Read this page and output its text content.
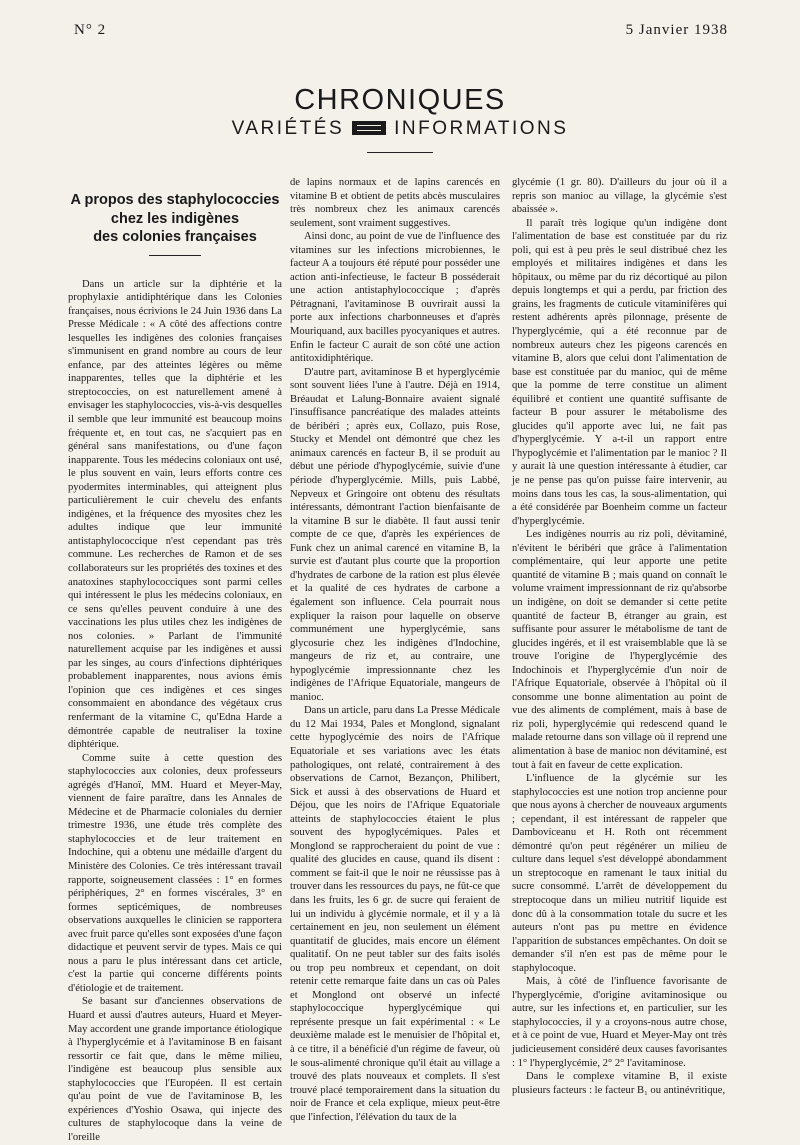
N° 2	5 Janvier 1938
CHRONIQUES
VARIÉTÉS	INFORMATIONS
A propos des staphylococcies
chez les indigènes
des colonies françaises

Dans un article sur la diphtérie et la prophylaxie antidiphtérique dans les Colonies françaises, nous écrivions le 24 Juin 1936 dans La Presse Médicale : « A côté des affections contre lesquelles les indigènes des colonies françaises s'immunisent en grand nombre au cours de leur enfance, par des atteintes légères ou même inapparentes, telles que la diphtérie et les streptococcies, on est naturellement amené à envisager les staphylococcies, vis-à-vis desquelles il semble que leur immunité est beaucoup moins fréquente et, en tout cas, ne s'acquiert pas en général sans manifestations, ou d'une façon inapparente. Tous les médecins coloniaux ont usé, le plus souvent en vain, leurs efforts contre ces pyodermites interminables, qui atteignent plus particulièrement le cuir chevelu des enfants indigènes, et la fréquence des myosites chez les adultes indique que leur immunité antistaphylococcique n'est cependant pas très commune. Les recherches de Ramon et de ses collaborateurs sur les propriétés des toxines et des anatoxines staphylococciques sont parmi celles qui intéressent le plus les médecins coloniaux, en ce sens qu'elles peuvent conduire à une des vaccinations les plus utiles chez les indigènes de nos colonies. » Parlant de l'immunité naturellement acquise par les indigènes et aussi par les singes, au cours d'infections diphtériques probablement inapparentes, nous avions émis l'opinion que ces indigènes et ces singes consommaient en abondance des végétaux crus renfermant de la vitamine C, qu'Edna Harde a démontrée capable de neutraliser la toxine diphtérique.

Comme suite à cette question des staphylococcies aux colonies, deux professeurs agrégés d'Hanoï, MM. Huard et Meyer-May, viennent de faire paraître, dans les Annales de Médecine et de Pharmacie coloniales du dernier trimestre 1936, une étude très complète des staphylococcies et de leur traitement en Indochine, qui a obtenu une médaille d'argent du Ministère des Colonies. Ce très intéressant travail rapporte, soigneusement classées : 1° en formes périphériques, 2° en formes viscérales, 3° en formes septicémiques, de nombreuses observations auxquelles le clinicien se rapportera avec fruit parce qu'elles sont exposées d'une façon didactique et peuvent servir de types. Mais ce qui nous a paru le plus intéressant dans cet article, c'est la partie qui concerne différents points d'étiologie et de traitement.

Se basant sur d'anciennes observations de Huard et aussi d'autres auteurs, Huard et Meyer-May accordent une grande importance étiologique à l'hyperglycémie et à l'avitaminose B en faisant ressortir ce fait que, dans le même milieu, l'indigène est beaucoup plus sensible aux staphylococcies que l'Européen. Il est certain qu'au point de vue de l'avitaminose B, les expériences d'Yoshio Osawa, qui injecte des cultures de staphylocoque dans la veine de l'oreille

de lapins normaux et de lapins carencés en vitamine B et obtient de petits abcès musculaires très nombreux chez les animaux carencés seulement, sont vraiment suggestives.

Ainsi donc, au point de vue de l'influence des vitamines sur les infections microbiennes, le facteur A a toujours été réputé pour posséder une action anti-infectieuse, le facteur B posséderait une action antistaphylococcique ; d'après Pétragnani, l'avitaminose B ouvrirait aussi la porte aux infections charbonneuses et d'après Mouriquand, aux bacilles pyocyaniques et autres. Enfin le facteur C aurait de son côté une action antitoxidiphtérique.

D'autre part, avitaminose B et hyperglycémie sont souvent liées l'une à l'autre. Déjà en 1914, Bréaudat et Lalung-Bonnaire avaient signalé l'insuffisance pancréatique des malades atteints de béribéri ; après eux, Collazo, puis Rose, Stucky et Mendel ont démontré que chez les animaux carencés en facteur B, il se produit au début une période d'hypoglycémie, suivie d'une période d'hyperglycémie. Mills, puis Labbé, Nepveux et Gringoire ont obtenu des résultats intéressants, démontrant l'action bienfaisante de la vitamine B sur le diabète. Il faut aussi tenir compte de ce que, d'après les expériences de Funk chez un animal carencé en vitamine B, la survie est d'autant plus courte que la proportion d'hydrates de carbone de la ration est plus élevée et la qualité de ces hydrates de carbone a également son influence. Cela pourrait nous expliquer la raison pour laquelle on observe communément une hyperglycémie, sans glycosurie chez les indigènes d'Indochine, mangeurs de riz et, au contraire, une hypoglycémie impressionnante chez les indigènes de l'Afrique Equatoriale, mangeurs de manioc.

Dans un article, paru dans La Presse Médicale du 12 Mai 1934, Pales et Monglond, signalant cette hypoglycémie des noirs de l'Afrique Equatoriale et ses variations avec les états pathologiques, ont relaté, contrairement à des observations de Carnot, Bezançon, Philibert, Sick et aussi à des observations de Huard et Déjou, que les noirs de l'Afrique Equatoriale atteints de staphylococcies étaient le plus souvent des hypoglycémiques. Pales et Monglond se rapprocheraient du point de vue : qualité des glucides en cause, quand ils disent : comment se fait-il que le noir ne réussisse pas à trouver dans les ressources du pays, ne fût-ce que dans les fruits, les 6 gr. de sucre qui feraient de lui un individu à glycémie normale, et il y a là certainement en jeu, non seulement un élément quantitatif de glucides, mais encore un élément qualitatif. On ne peut tabler sur des faits isolés ou trop peu nombreux et cependant, on doit retenir cette remarque faite dans un cas où Pales et Monglond ont observé un infecté staphylococcique hyperglycémique qui représente presque un fait expérimental : « Le deuxième malade est le menuisier de l'hôpital et, à ce titre, il a bénéficié d'un régime de faveur, où le sous-alimenté chronique qu'il était au village a trouvé des plats nouveaux et complets. Il s'est trouvé placé temporairement dans la situation du noir de France et cela explique, mieux peut-être que l'infection, l'élévation du taux de la

glycémie (1 gr. 80). D'ailleurs du jour où il a repris son manioc au village, la glycémie s'est abaissée ».

Il paraît très logique qu'un indigène dont l'alimentation de base est constituée par du riz poli, qui est à peu près le seul distribué chez les employés et militaires indigènes et dans les hôpitaux, ou même par du riz décortiqué au pilon depuis longtemps et qui a perdu, par friction des grains, les fragments de cuticule vitaminifères qui restent adhérents après pilonnage, présente de l'hyperglycémie, qui a été reconnue par de nombreux auteurs chez les pigeons carencés en vitamine B, alors que celui dont l'alimentation de base est constituée par du manioc, qui de même que la pomme de terre constitue un aliment équilibré et contient une quantité suffisante de facteur B pour assurer le métabolisme des glucides qu'il apporte avec lui, ne fait pas d'hyperglycémie. Y a-t-il un rapport entre l'hypoglycémie et l'alimentation par le manioc ? Il y aurait là une question intéressante à étudier, car je ne pense pas qu'on puisse faire intervenir, au moins dans tous les cas, la sous-alimentation, qui a été considérée par Boenheim comme un facteur d'hyperglycémie.

Les indigènes nourris au riz poli, dévitaminé, n'évitent le béribéri que grâce à l'alimentation complémentaire, qui leur apporte une petite quantité de vitamine B ; mais quand on connaît le volume vraiment impressionnant de riz qu'absorbe un indigène, on doit se demander si cette petite quantité de facteur B, étranger au grain, est suffisante pour assurer le métabolisme de tant de glucides ingérés, et il est vraisemblable que là se trouve l'origine de l'hyperglycémie des Indochinois et l'hyperglycémie d'un noir de l'Afrique Equatoriale, observée à l'hôpital où il consomme une bonne alimentation au point de vue des aliments de complément, mais à base de riz poli, hyperglycémie qui redescend quand le malade retourne dans son village où il reprend une alimentation à base de manioc non dévitaminé, est tout à fait en faveur de cette explication.

L'influence de la glycémie sur les staphylococcies est une notion trop ancienne pour que nous ayons à chercher de nouveaux arguments ; cependant, il est intéressant de rappeler que Dambovíceanu et H. Roth ont récemment démontré qu'on peut régénérer un milieu de culture dans lequel s'est développé abondamment un streptocoque en ramenant le taux initial du sucre consommé. L'arrêt de développement du streptocoque dans un milieu nutritif liquide est donc dû à la consommation totale du sucre et les auteurs n'ont pas pu mettre en évidence l'apparition de substances empêchantes. On doit se demander s'il n'en est pas de même pour le staphylocoque.

Mais, à côté de l'influence favorisante de l'hyperglycémie, d'origine avitaminosique ou autre, sur les infections et, en particulier, sur les staphylococcies, il y a croyons-nous autre chose, et à ce point de vue, Huard et Meyer-May ont très judicieusement considéré deux causes favorisantes : 1° l'hyperglycémie, 2° 2° l'avitaminose.

Dans le complexe vitamine B, il existe plusieurs facteurs : le facteur B₁ ou antinévritique,
